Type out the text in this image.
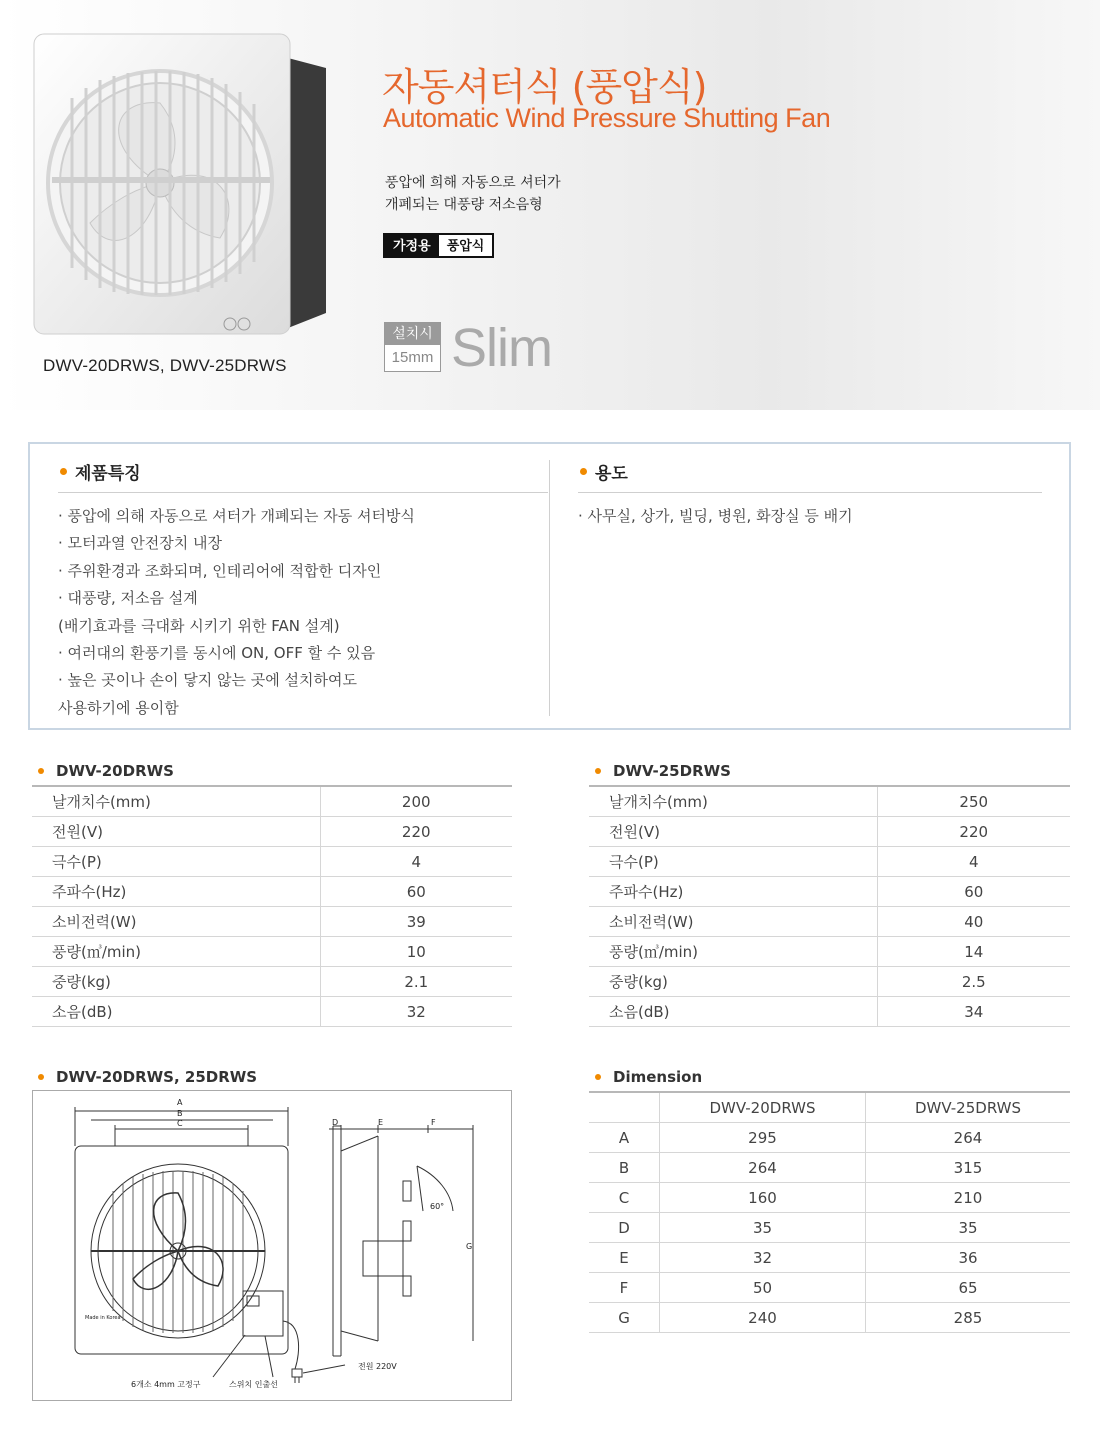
DWV-20DRWS, DWV-25DRWS
자동셔터식 (풍압식)
Automatic Wind Pressure Shutting Fan
풍압에 희해 자동으로 셔터가
개폐되는 대풍량 저소음형
가정용	풍압식
설치시
15mm Slim
제품특징
· 풍압에 의해 자동으로 셔터가 개폐되는 자동 셔터방식
· 모터과열 안전장치 내장
· 주위환경과 조화되며, 인테리어에 적합한 디자인
· 대풍량, 저소음 설계
(배기효과를 극대화 시키기 위한 FAN 설계)
· 여러대의 환풍기를 동시에 ON, OFF 할 수 있음
· 높은 곳이나 손이 닿지 않는 곳에 설치하여도
사용하기에 용이함
용도
· 사무실, 상가, 빌딩, 병원, 화장실 등 배기
DWV-20DRWS
날개치수(mm)	200
전원(V)	220
극수(P)	4
주파수(Hz)	60
소비전력(W)	39
풍량(㎥/min)	10
중량(kg)	2.1
소음(dB)	32
DWV-25DRWS
날개치수(mm)	250
전원(V)	220
극수(P)	4
주파수(Hz)	60
소비전력(W)	40
풍량(㎥/min)	14
중량(kg)	2.5
소음(dB)	34
DWV-20DRWS, 25DRWS
A
B
C	D	E	F
G
60°
Made in Korea
6개소 4mm 고정구	스위치 인출선
전원 220V
Dimension
	DWV-20DRWS	DWV-25DRWS
A	295	264
B	264	315
C	160	210
D	35	35
E	32	36
F	50	65
G	240	285
